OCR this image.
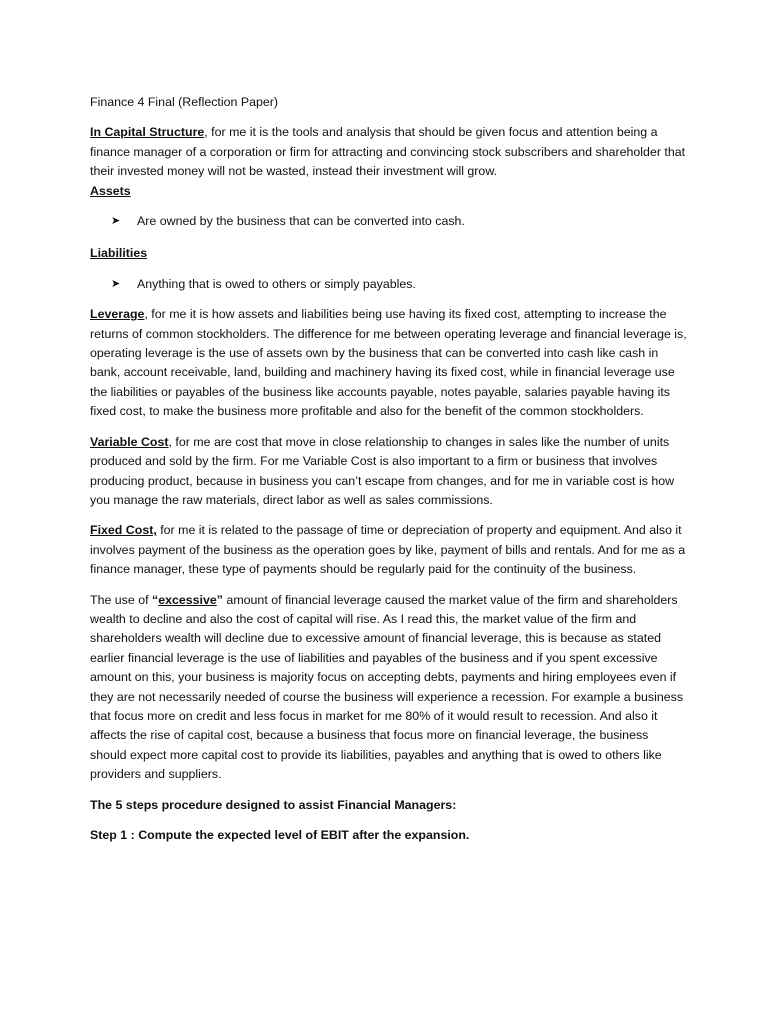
Finance 4 Final (Reflection Paper)

In Capital Structure, for me it is the tools and analysis that should be given focus and attention being a finance manager of a corporation or firm for attracting and convincing stock subscribers and shareholder that their invested money will not be wasted, instead their investment will grow.

Assets

➤	Are owned by the business that can be converted into cash.

Liabilities

➤	Anything that is owed to others or simply payables.

Leverage, for me it is how assets and liabilities being use having its fixed cost, attempting to increase the returns of common stockholders. The difference for me between operating leverage and financial leverage is, operating leverage is the use of assets own by the business that can be converted into cash like cash in bank, account receivable, land, building and machinery having its fixed cost, while in financial leverage use the liabilities or payables of the business like accounts payable, notes payable, salaries payable having its fixed cost, to make the business more profitable and also for the benefit of the common stockholders.

Variable Cost, for me are cost that move in close relationship to changes in sales like the number of units produced and sold by the firm. For me Variable Cost is also important to a firm or business that involves producing product, because in business you can’t escape from changes, and for me in variable cost is how you manage the raw materials, direct labor as well as sales commissions.

Fixed Cost, for me it is related to the passage of time or depreciation of property and equipment. And also it involves payment of the business as the operation goes by like, payment of bills and rentals. And for me as a finance manager, these type of payments should be regularly paid for the continuity of the business.

The use of “excessive” amount of financial leverage caused the market value of the firm and shareholders wealth to decline and also the cost of capital will rise. As I read this, the market value of the firm and shareholders wealth will decline due to excessive amount of financial leverage, this is because as stated earlier financial leverage is the use of liabilities and payables of the business and if you spent excessive amount on this, your business is majority focus on accepting debts, payments and hiring employees even if they are not necessarily needed of course the business will experience a recession. For example a business that focus more on credit and less focus in market for me 80% of it would result to recession. And also it affects the rise of capital cost, because a business that focus more on financial leverage, the business should expect more capital cost to provide its liabilities, payables and anything that is owed to others like providers and suppliers.

The 5 steps procedure designed to assist Financial Managers:

Step 1 : Compute the expected level of EBIT after the expansion.
